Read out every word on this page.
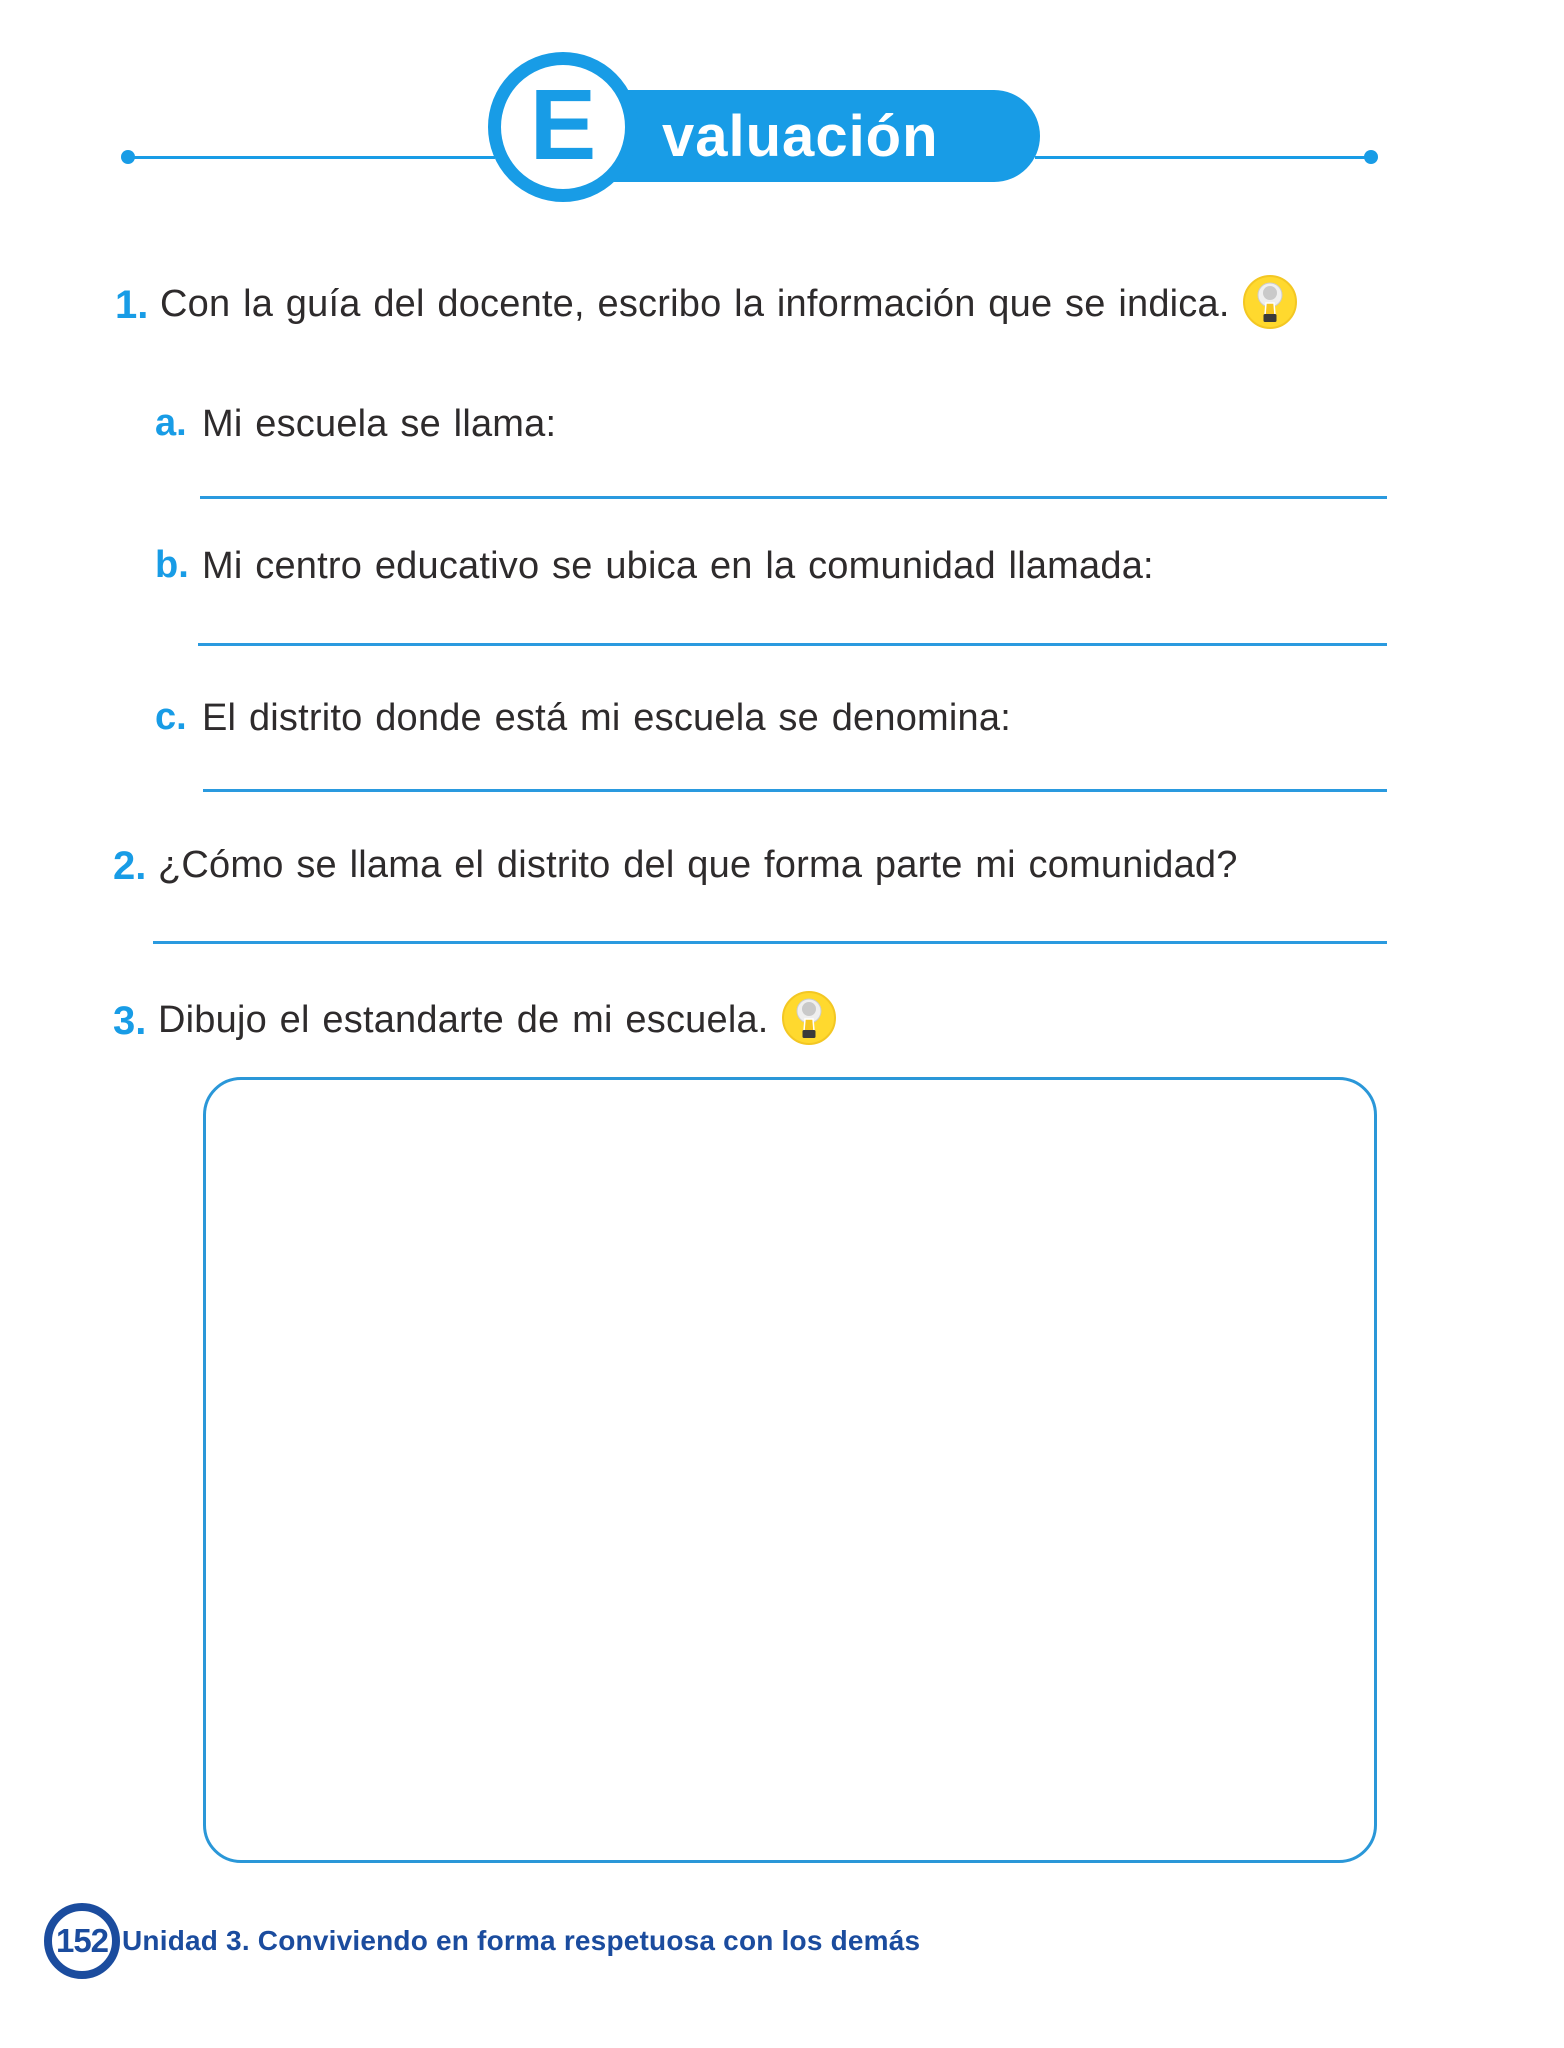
valuación
E
1. Con la guía del docente, escribo la información que se indica.
a. Mi escuela se llama:
b. Mi centro educativo se ubica en la comunidad llamada:
c. El distrito donde está mi escuela se denomina:
2. ¿Cómo se llama el distrito del que forma parte mi comunidad?
3. Dibujo el estandarte de mi escuela.
152 Unidad 3. Conviviendo en forma respetuosa con los demás
